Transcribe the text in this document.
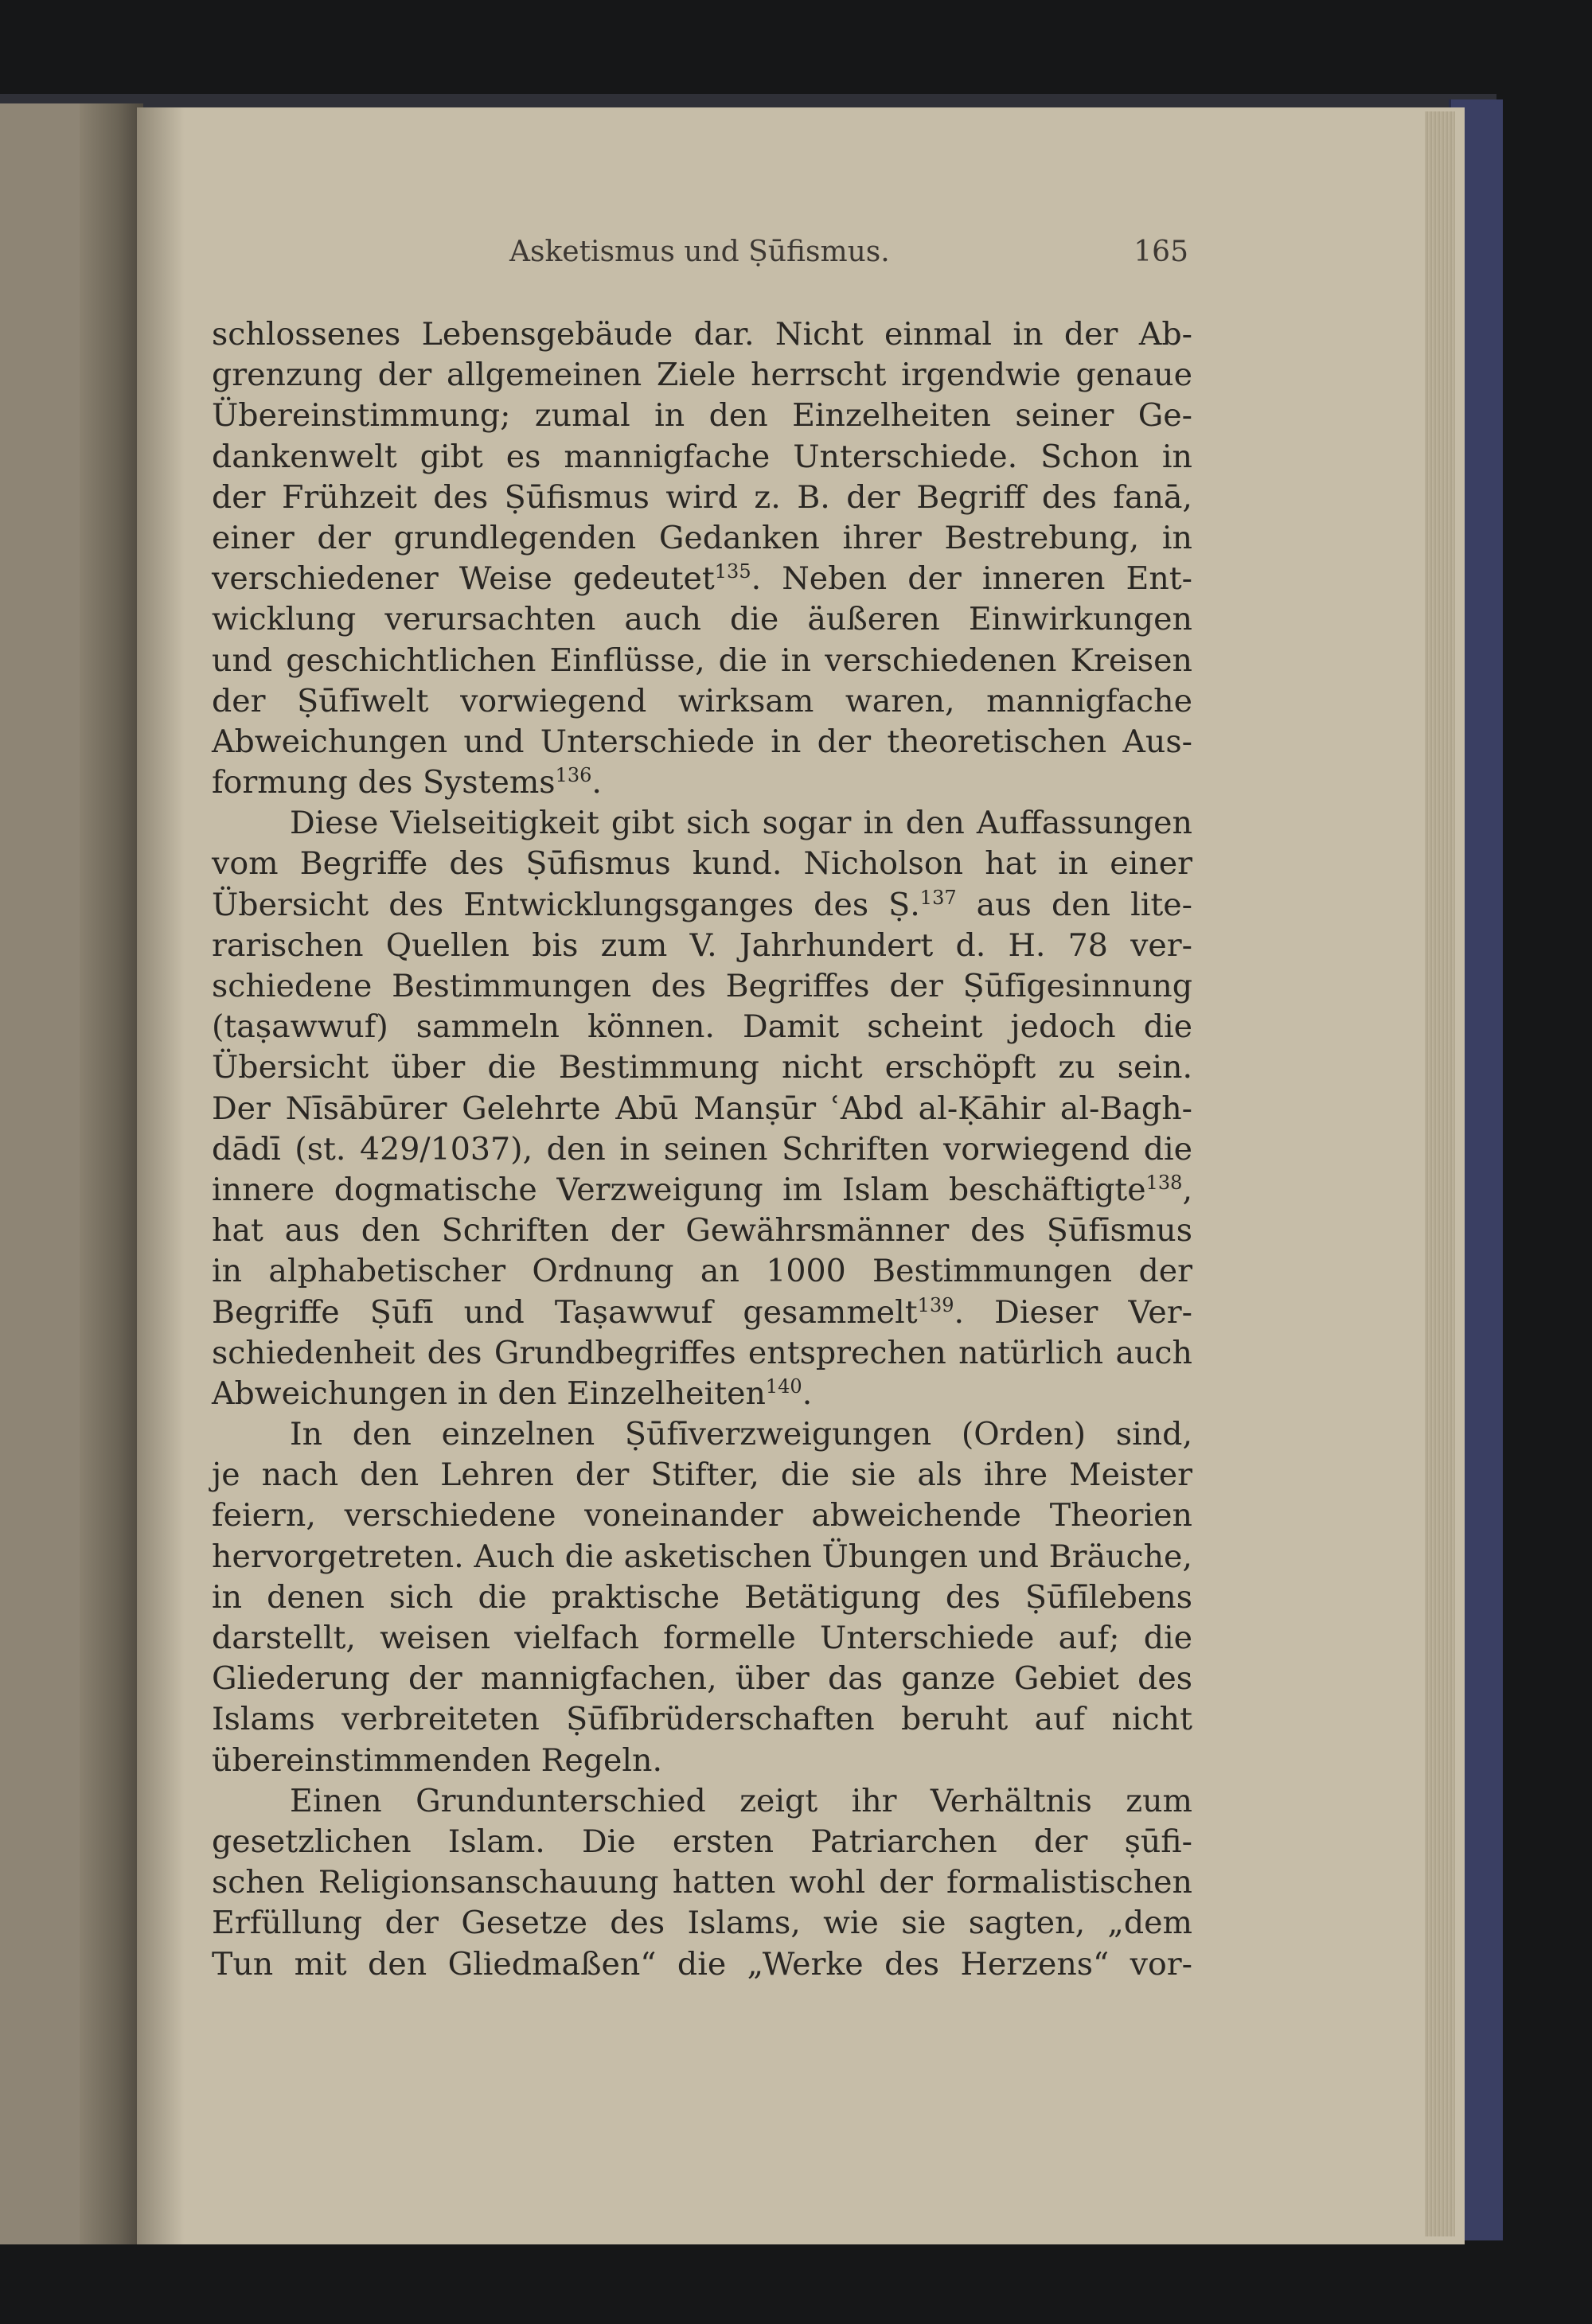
Asketismus und Ṣūfismus.	165
schlossenes Lebensgebäude dar. Nicht einmal in der Ab-
grenzung der allgemeinen Ziele herrscht irgendwie genaue
Übereinstimmung; zumal in den Einzelheiten seiner Ge-
dankenwelt gibt es mannigfache Unterschiede. Schon in
der Frühzeit des Ṣūfismus wird z. B. der Begriff des fanā,
einer der grundlegenden Gedanken ihrer Bestrebung, in
verschiedener Weise gedeutet$^{135}$. Neben der inneren Ent-
wicklung verursachten auch die äußeren Einwirkungen
und geschichtlichen Einflüsse, die in verschiedenen Kreisen
der Ṣūfīwelt vorwiegend wirksam waren, mannigfache
Abweichungen und Unterschiede in der theoretischen Aus-
formung des Systems$^{136}$.
Diese Vielseitigkeit gibt sich sogar in den Auffassungen
vom Begriffe des Ṣūfismus kund. Nicholson hat in einer
Übersicht des Entwicklungsganges des Ṣ.$^{137}$ aus den lite-
rarischen Quellen bis zum V. Jahrhundert d. H. 78 ver-
schiedene Bestimmungen des Begriffes der Ṣūfīgesinnung
(taṣawwuf) sammeln können. Damit scheint jedoch die
Übersicht über die Bestimmung nicht erschöpft zu sein.
Der Nīsābūrer Gelehrte Abū Manṣūr ʿAbd al-Ḳāhir al-Bagh-
dādī (st. 429/1037), den in seinen Schriften vorwiegend die
innere dogmatische Verzweigung im Islam beschäftigte$^{138}$,
hat aus den Schriften der Gewährsmänner des Ṣūfīsmus
in alphabetischer Ordnung an 1000 Bestimmungen der
Begriffe Ṣūfī und Taṣawwuf gesammelt$^{139}$. Dieser Ver-
schiedenheit des Grundbegriffes entsprechen natürlich auch
Abweichungen in den Einzelheiten$^{140}$.
In den einzelnen Ṣūfīverzweigungen (Orden) sind,
je nach den Lehren der Stifter, die sie als ihre Meister
feiern, verschiedene voneinander abweichende Theorien
hervorgetreten. Auch die asketischen Übungen und Bräuche,
in denen sich die praktische Betätigung des Ṣūfīlebens
darstellt, weisen vielfach formelle Unterschiede auf; die
Gliederung der mannigfachen, über das ganze Gebiet des
Islams verbreiteten Ṣūfībrüderschaften beruht auf nicht
übereinstimmenden Regeln.
Einen Grundunterschied zeigt ihr Verhältnis zum
gesetzlichen Islam. Die ersten Patriarchen der ṣūfi-
schen Religionsanschauung hatten wohl der formalistischen
Erfüllung der Gesetze des Islams, wie sie sagten, „dem
Tun mit den Gliedmaßen“ die „Werke des Herzens“ vor-
